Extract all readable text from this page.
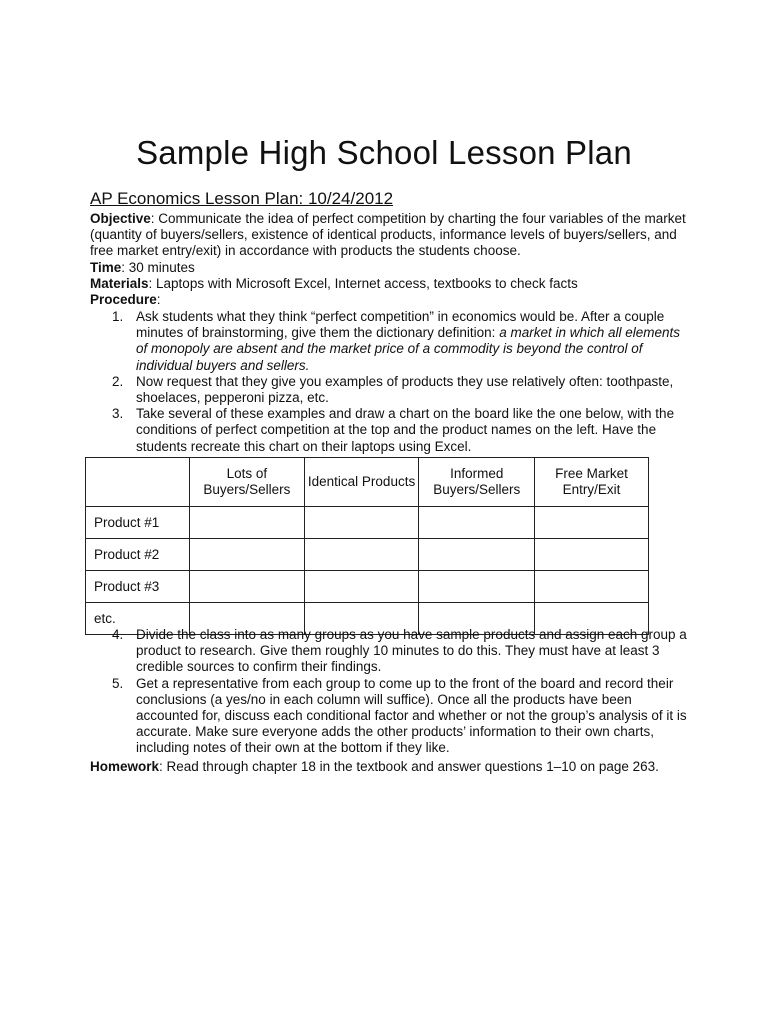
Sample High School Lesson Plan
AP Economics Lesson Plan: 10/24/2012
Objective: Communicate the idea of perfect competition by charting the four variables of the market (quantity of buyers/sellers, existence of identical products, informance levels of buyers/sellers, and free market entry/exit) in accordance with products the students choose.
Time: 30 minutes
Materials: Laptops with Microsoft Excel, Internet access, textbooks to check facts
Procedure:
1. Ask students what they think “perfect competition” in economics would be. After a couple minutes of brainstorming, give them the dictionary definition: a market in which all elements of monopoly are absent and the market price of a commodity is beyond the control of individual buyers and sellers.
2. Now request that they give you examples of products they use relatively often: toothpaste, shoelaces, pepperoni pizza, etc.
3. Take several of these examples and draw a chart on the board like the one below, with the conditions of perfect competition at the top and the product names on the left. Have the students recreate this chart on their laptops using Excel.
	Lots of Buyers/Sellers	Identical Products	Informed Buyers/Sellers	Free Market Entry/Exit
Product #1				
Product #2				
Product #3				
etc.				
4. Divide the class into as many groups as you have sample products and assign each group a product to research. Give them roughly 10 minutes to do this. They must have at least 3 credible sources to confirm their findings.
5. Get a representative from each group to come up to the front of the board and record their conclusions (a yes/no in each column will suffice). Once all the products have been accounted for, discuss each conditional factor and whether or not the group’s analysis of it is accurate. Make sure everyone adds the other products’ information to their own charts, including notes of their own at the bottom if they like.
Homework: Read through chapter 18 in the textbook and answer questions 1–10 on page 263.
